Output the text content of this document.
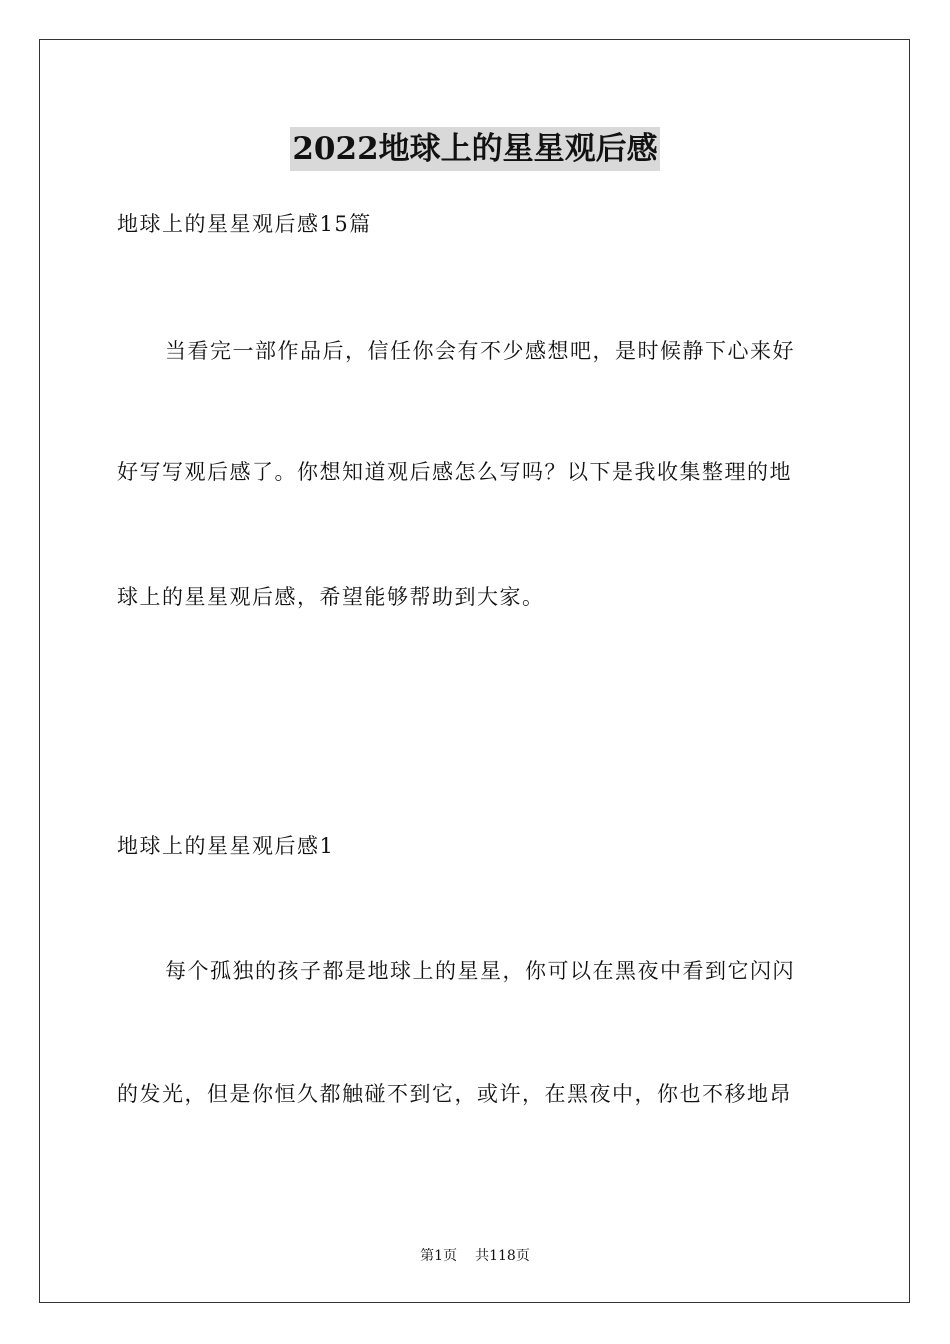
2022地球上的星星观后感
地球上的星星观后感15篇
当看完一部作品后，信任你会有不少感想吧，是时候静下心来好
好写写观后感了。你想知道观后感怎么写吗？以下是我收集整理的地
球上的星星观后感，希望能够帮助到大家。
地球上的星星观后感1
每个孤独的孩子都是地球上的星星，你可以在黑夜中看到它闪闪
的发光，但是你恒久都触碰不到它，或许，在黑夜中，你也不移地昂
第1页 共118页
